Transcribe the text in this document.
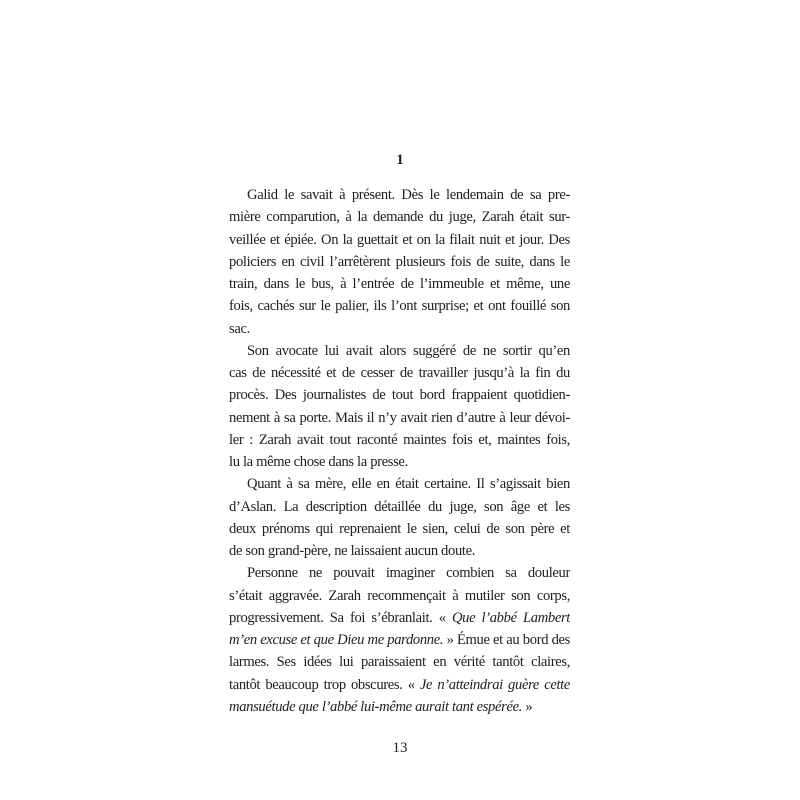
1
Galid le savait à présent. Dès le lendemain de sa pre-
mière comparution, à la demande du juge, Zarah était sur-
veillée et épiée. On la guettait et on la filait nuit et jour. Des
policiers en civil l’arrêtèrent plusieurs fois de suite, dans le
train, dans le bus, à l’entrée de l’immeuble et même, une
fois, cachés sur le palier, ils l’ont surprise; et ont fouillé son
sac.
Son avocate lui avait alors suggéré de ne sortir qu’en
cas de nécessité et de cesser de travailler jusqu’à la fin du
procès. Des journalistes de tout bord frappaient quotidien-
nement à sa porte. Mais il n’y avait rien d’autre à leur dévoi-
ler : Zarah avait tout raconté maintes fois et, maintes fois,
lu la même chose dans la presse.
Quant à sa mère, elle en était certaine. Il s’agissait bien
d’Aslan. La description détaillée du juge, son âge et les
deux prénoms qui reprenaient le sien, celui de son père et
de son grand-père, ne laissaient aucun doute.
Personne ne pouvait imaginer combien sa douleur
s’était aggravée. Zarah recommençait à mutiler son corps,
progressivement. Sa foi s’ébranlait. « Que l’abbé Lambert
m’en excuse et que Dieu me pardonne. » Émue et au bord des
larmes. Ses idées lui paraissaient en vérité tantôt claires,
tantôt beaucoup trop obscures. « Je n’atteindrai guère cette
mansuétude que l’abbé lui-même aurait tant espérée. »
13
